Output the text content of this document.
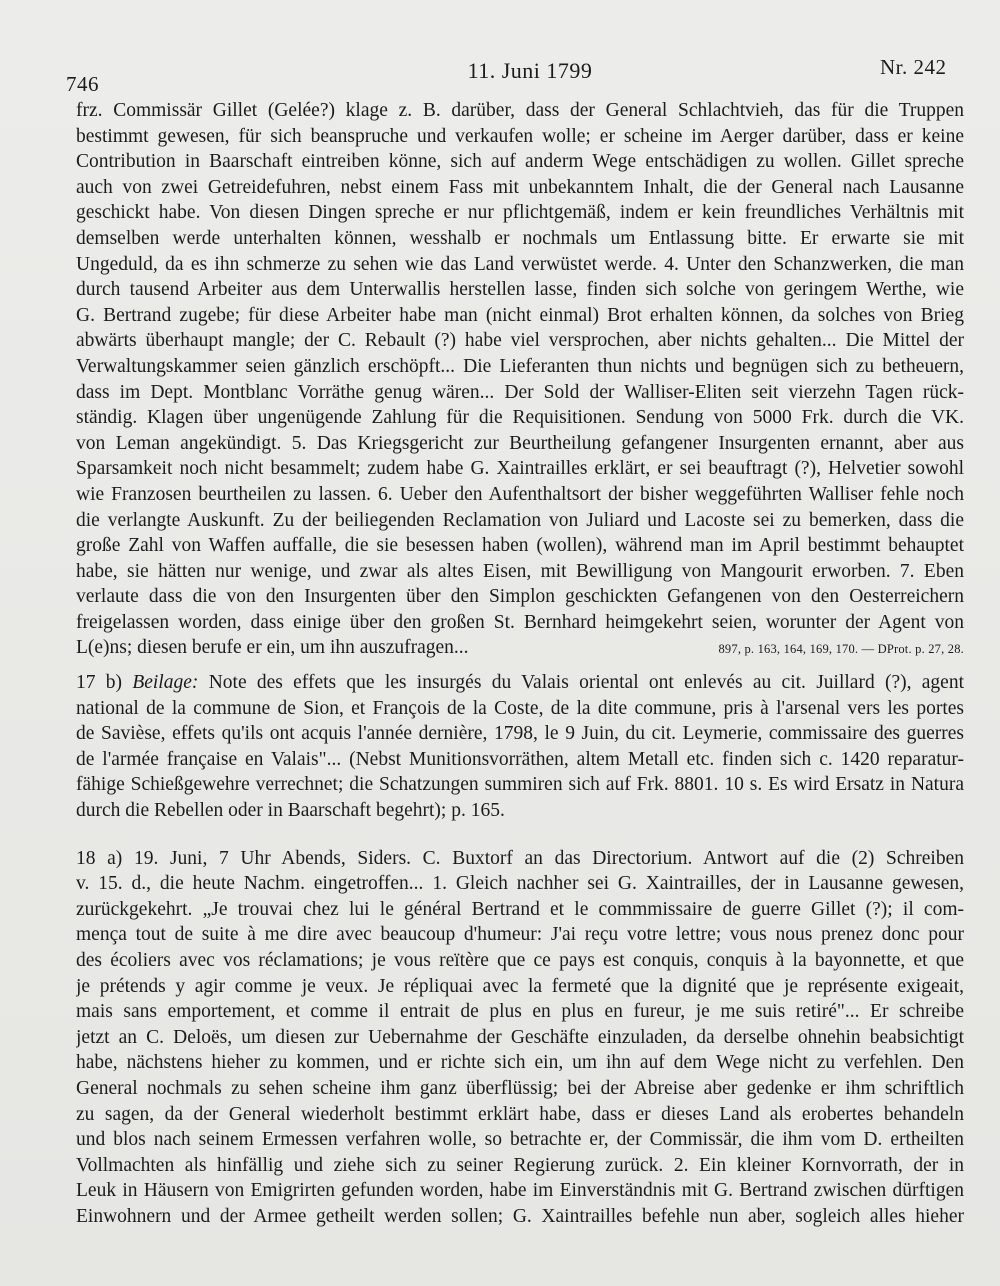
746
11. Juni 1799	Nr. 242
frz. Commissär Gillet (Gelée?) klage z. B. darüber, dass der General Schlachtvieh, das für die Truppen
bestimmt gewesen, für sich beanspruche und verkaufen wolle; er scheine im Aerger darüber, dass er keine
Contribution in Baarschaft eintreiben könne, sich auf anderm Wege entschädigen zu wollen. Gillet spreche
auch von zwei Getreidefuhren, nebst einem Fass mit unbekanntem Inhalt, die der General nach Lausanne
geschickt habe. Von diesen Dingen spreche er nur pflichtgemäß, indem er kein freundliches Verhältnis mit
demselben werde unterhalten können, wesshalb er nochmals um Entlassung bitte. Er erwarte sie mit
Ungeduld, da es ihn schmerze zu sehen wie das Land verwüstet werde. 4. Unter den Schanzwerken, die man
durch tausend Arbeiter aus dem Unterwallis herstellen lasse, finden sich solche von geringem Werthe, wie
G. Bertrand zugebe; für diese Arbeiter habe man (nicht einmal) Brot erhalten können, da solches von Brieg
abwärts überhaupt mangle; der C. Rebault (?) habe viel versprochen, aber nichts gehalten... Die Mittel der
Verwaltungskammer seien gänzlich erschöpft... Die Lieferanten thun nichts und begnügen sich zu betheuern,
dass im Dept. Montblanc Vorräthe genug wären... Der Sold der Walliser-Eliten seit vierzehn Tagen rück-
ständig. Klagen über ungenügende Zahlung für die Requisitionen. Sendung von 5000 Frk. durch die VK.
von Leman angekündigt. 5. Das Kriegsgericht zur Beurtheilung gefangener Insurgenten ernannt, aber aus
Sparsamkeit noch nicht besammelt; zudem habe G. Xaintrailles erklärt, er sei beauftragt (?), Helvetier sowohl
wie Franzosen beurtheilen zu lassen. 6. Ueber den Aufenthaltsort der bisher weggeführten Walliser fehle noch
die verlangte Auskunft. Zu der beiliegenden Reclamation von Juliard und Lacoste sei zu bemerken, dass die
große Zahl von Waffen auffalle, die sie besessen haben (wollen), während man im April bestimmt behauptet
habe, sie hätten nur wenige, und zwar als altes Eisen, mit Bewilligung von Mangourit erworben. 7. Eben
verlaute dass die von den Insurgenten über den Simplon geschickten Gefangenen von den Oesterreichern
freigelassen worden, dass einige über den großen St. Bernhard heimgekehrt seien, worunter der Agent von
L(e)ns; diesen berufe er ein, um ihn auszufragen...	897, p. 163, 164, 169, 170. — DProt. p. 27, 28.
17 b) Beilage: Note des effets que les insurgés du Valais oriental ont enlevés au cit. Juillard (?), agent
national de la commune de Sion, et François de la Coste, de la dite commune, pris à l'arsenal vers les portes
de Savièse, effets qu'ils ont acquis l'année dernière, 1798, le 9 Juin, du cit. Leymerie, commissaire des guerres
de l'armée française en Valais"... (Nebst Munitionsvorräthen, altem Metall etc. finden sich c. 1420 reparatur-
fähige Schießgewehre verrechnet; die Schatzungen summiren sich auf Frk. 8801. 10 s. Es wird Ersatz in Natura
durch die Rebellen oder in Baarschaft begehrt); p. 165.
18 a) 19. Juni, 7 Uhr Abends, Siders. C. Buxtorf an das Directorium. Antwort auf die (2) Schreiben
v. 15. d., die heute Nachm. eingetroffen... 1. Gleich nachher sei G. Xaintrailles, der in Lausanne gewesen,
zurückgekehrt. „Je trouvai chez lui le général Bertrand et le commmissaire de guerre Gillet (?); il com-
mença tout de suite à me dire avec beaucoup d'humeur: J'ai reçu votre lettre; vous nous prenez donc pour
des écoliers avec vos réclamations; je vous reïtère que ce pays est conquis, conquis à la bayonnette, et que
je prétends y agir comme je veux. Je répliquai avec la fermeté que la dignité que je représente exigeait,
mais sans emportement, et comme il entrait de plus en plus en fureur, je me suis retiré"... Er schreibe
jetzt an C. Deloës, um diesen zur Uebernahme der Geschäfte einzuladen, da derselbe ohnehin beabsichtigt
habe, nächstens hieher zu kommen, und er richte sich ein, um ihn auf dem Wege nicht zu verfehlen. Den
General nochmals zu sehen scheine ihm ganz überflüssig; bei der Abreise aber gedenke er ihm schriftlich
zu sagen, da der General wiederholt bestimmt erklärt habe, dass er dieses Land als erobertes behandeln
und blos nach seinem Ermessen verfahren wolle, so betrachte er, der Commissär, die ihm vom D. ertheilten
Vollmachten als hinfällig und ziehe sich zu seiner Regierung zurück. 2. Ein kleiner Kornvorrath, der in
Leuk in Häusern von Emigrirten gefunden worden, habe im Einverständnis mit G. Bertrand zwischen dürftigen
Einwohnern und der Armee getheilt werden sollen; G. Xaintrailles befehle nun aber, sogleich alles hieher
